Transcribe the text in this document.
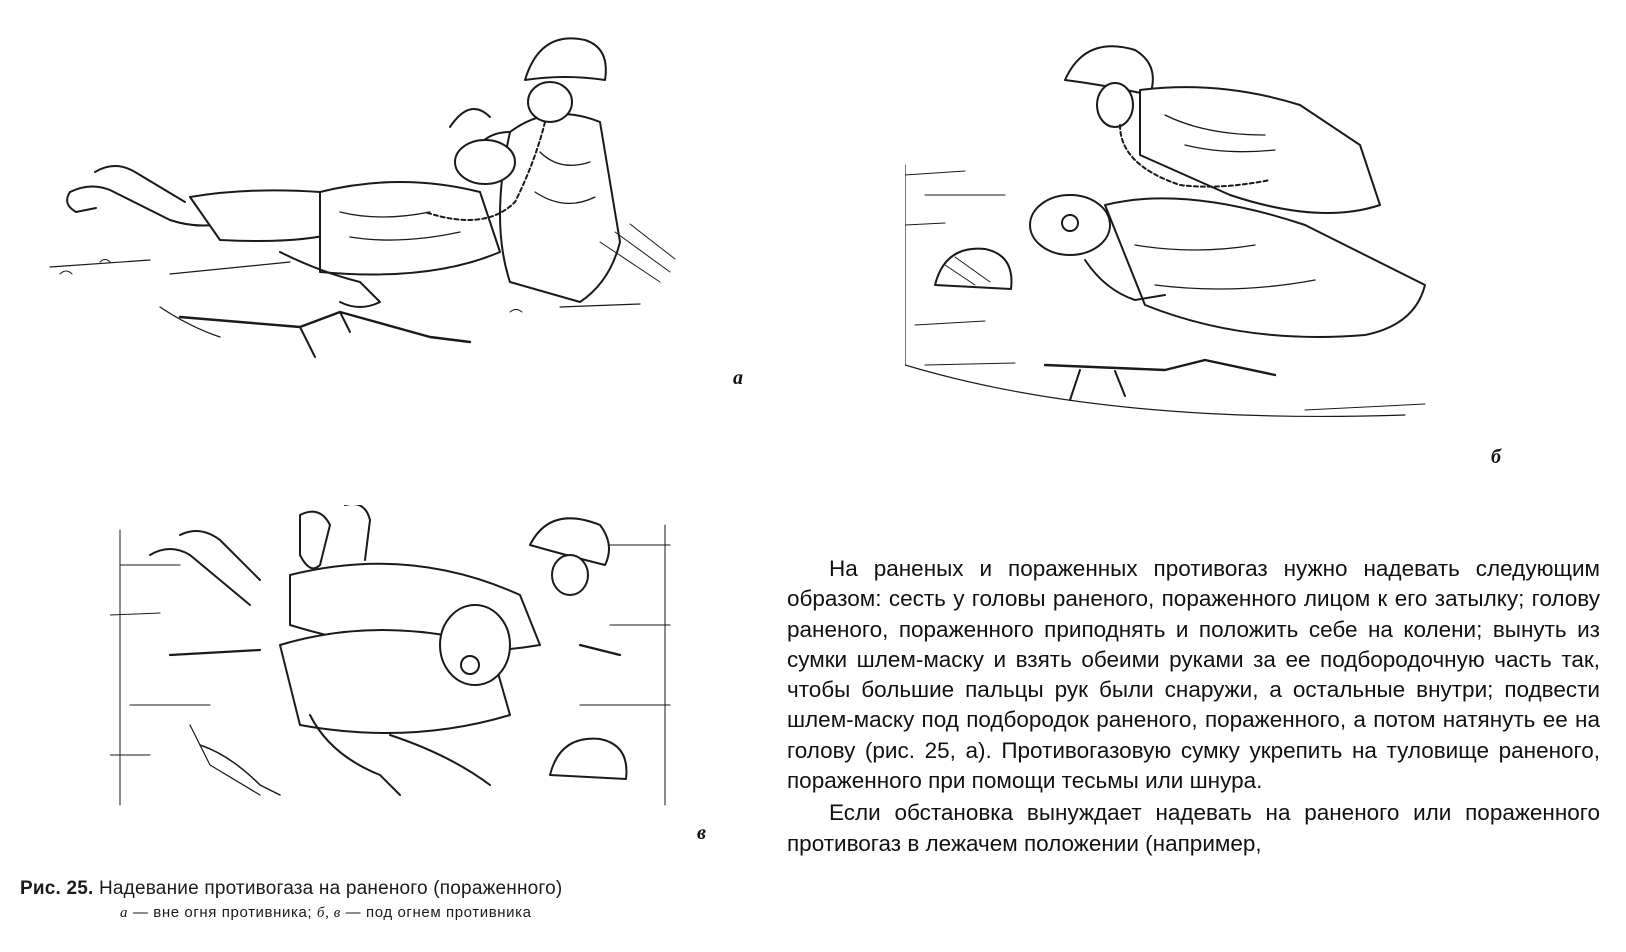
а
б
в
Рис. 25. Надевание противогаза на раненого (пораженного)
а — вне огня противника; б, в — под огнем противника

На раненых и пораженных противогаз нужно надевать следующим образом: сесть у головы раненого, пораженного лицом к его затылку; голову раненого, пораженного приподнять и положить себе на колени; вынуть из сумки шлем-маску и взять обеими руками за ее подбородочную часть так, чтобы большие пальцы рук были снаружи, а остальные внутри; подвести шлем-маску под подбородок раненого, пораженного, а потом натянуть ее на голову (рис. 25, а). Противогазовую сумку укрепить на туловище раненого, пораженного при помощи тесьмы или шнура.

Если обстановка вынуждает надевать на раненого или пораженного противогаз в лежачем положении (например,
